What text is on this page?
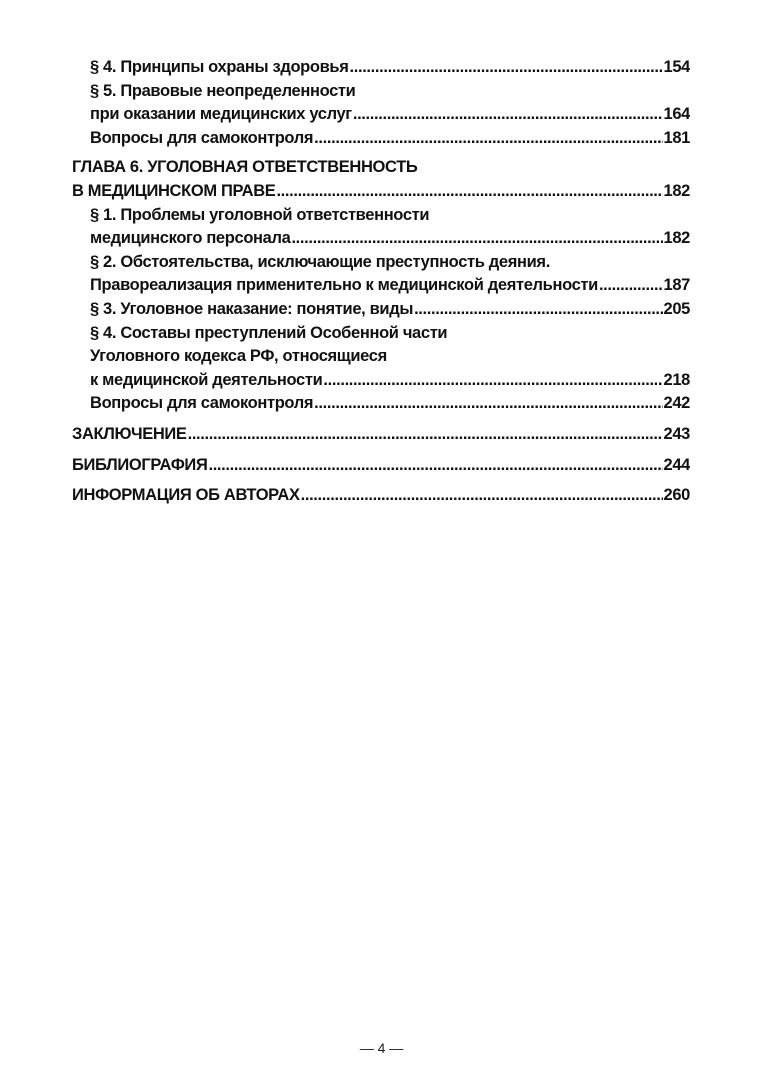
§ 4. Принципы охраны здоровья .....	154
§ 5. Правовые неопределенности
при оказании медицинских услуг .....	164
Вопросы для самоконтроля .....	181
ГЛАВА 6. УГОЛОВНАЯ ОТВЕТСТВЕННОСТЬ
В МЕДИЦИНСКОМ ПРАВЕ .....	182
§ 1. Проблемы уголовной ответственности
медицинского персонала .....	182
§ 2. Обстоятельства, исключающие преступность деяния.
Правореализация применительно к медицинской деятельности .....	187
§ 3. Уголовное наказание: понятие, виды .....	205
§ 4. Составы преступлений Особенной части
Уголовного кодекса РФ, относящиеся
к медицинской деятельности .....	218
Вопросы для самоконтроля .....	242
ЗАКЛЮЧЕНИЕ .....	243
БИБЛИОГРАФИЯ .....	244
ИНФОРМАЦИЯ ОБ АВТОРАХ .....	260
— 4 —
